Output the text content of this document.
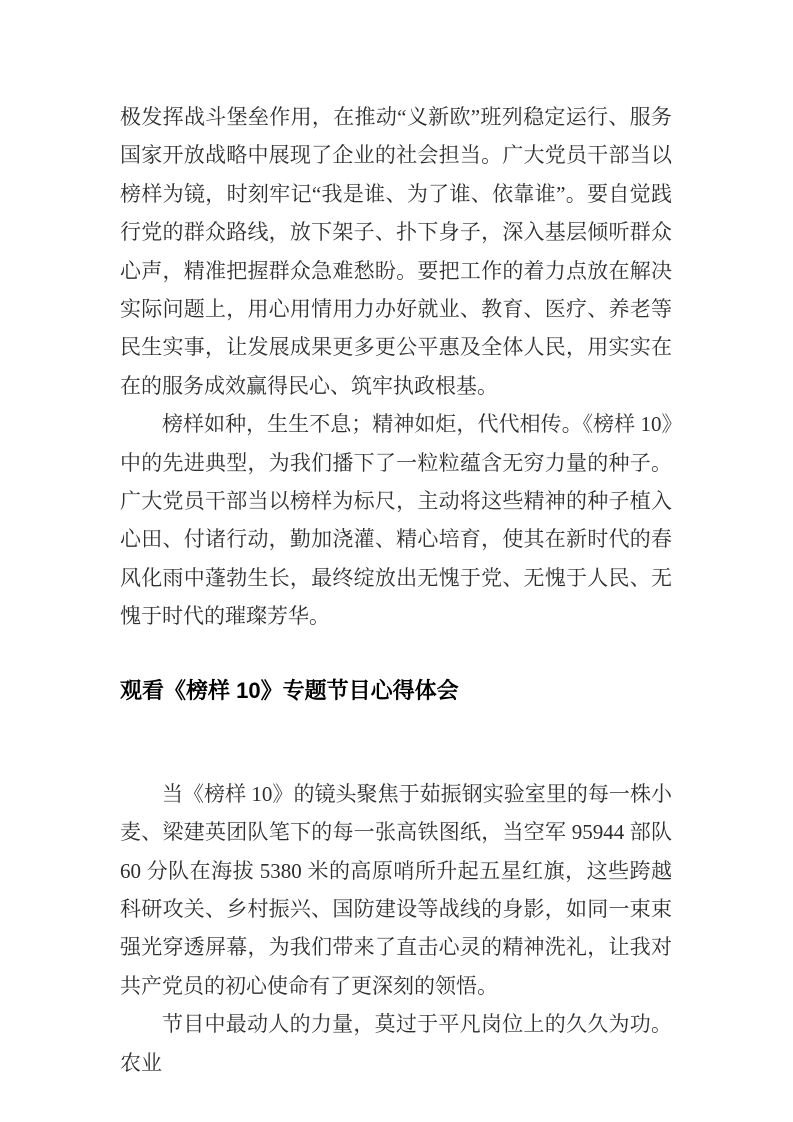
极发挥战斗堡垒作用，在推动“义新欧”班列稳定运行、服务国家开放战略中展现了企业的社会担当。广大党员干部当以榜样为镜，时刻牢记“我是谁、为了谁、依靠谁”。要自觉践行党的群众路线，放下架子、扑下身子，深入基层倾听群众心声，精准把握群众急难愁盼。要把工作的着力点放在解决实际问题上，用心用情用力办好就业、教育、医疗、养老等民生实事，让发展成果更多更公平惠及全体人民，用实实在在的服务成效赢得民心、筑牢执政根基。

榜样如种，生生不息；精神如炬，代代相传。《榜样 10》中的先进典型，为我们播下了一粒粒蕴含无穷力量的种子。广大党员干部当以榜样为标尺，主动将这些精神的种子植入心田、付诸行动，勤加浇灌、精心培育，使其在新时代的春风化雨中蓬勃生长，最终绽放出无愧于党、无愧于人民、无愧于时代的璀璨芳华。

观看《榜样 10》专题节目心得体会

当《榜样 10》的镜头聚焦于茹振钢实验室里的每一株小麦、梁建英团队笔下的每一张高铁图纸，当空军 95944 部队 60 分队在海拔 5380 米的高原哨所升起五星红旗，这些跨越科研攻关、乡村振兴、国防建设等战线的身影，如同一束束强光穿透屏幕，为我们带来了直击心灵的精神洗礼，让我对共产党员的初心使命有了更深刻的领悟。

节目中最动人的力量，莫过于平凡岗位上的久久为功。农业
